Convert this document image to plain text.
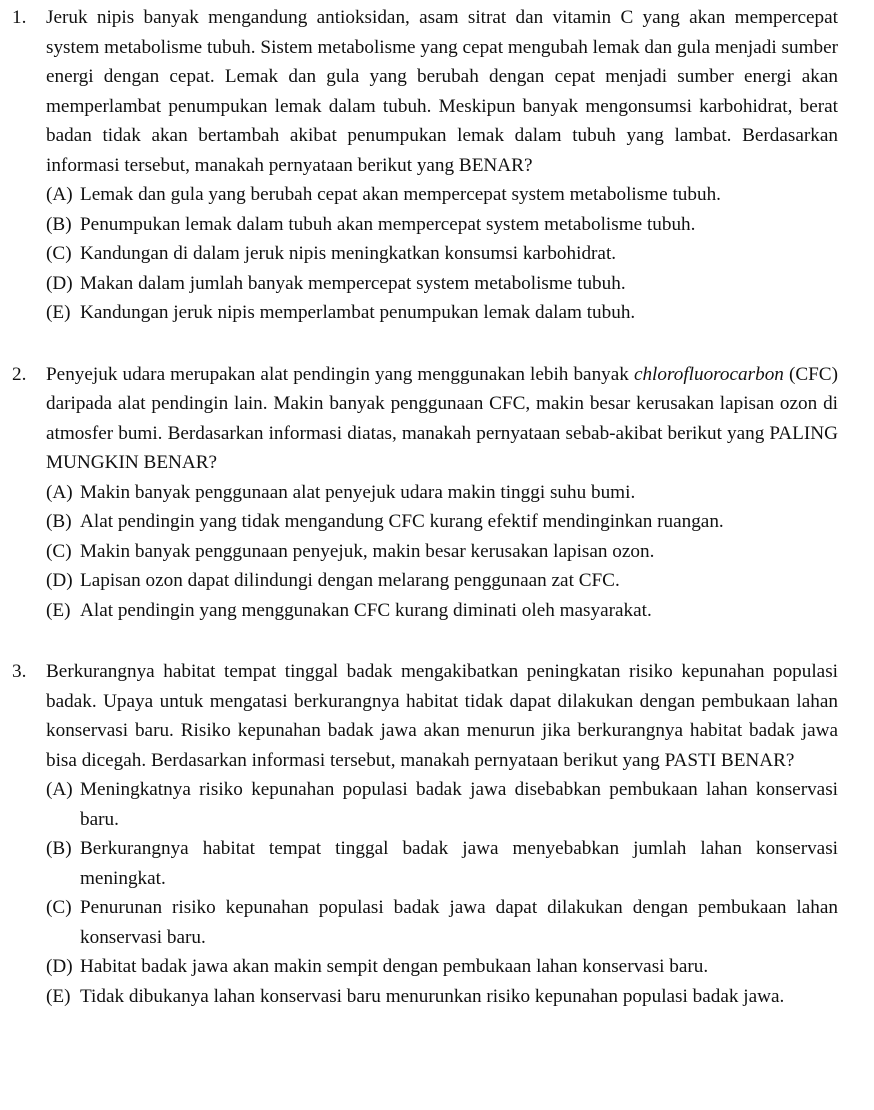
1.	Jeruk nipis banyak mengandung antioksidan, asam sitrat dan vitamin C yang akan mempercepat system metabolisme tubuh. Sistem metabolisme yang cepat mengubah lemak dan gula menjadi sumber energi dengan cepat. Lemak dan gula yang berubah dengan cepat menjadi sumber energi akan memperlambat penumpukan lemak dalam tubuh. Meskipun banyak mengonsumsi karbohidrat, berat badan tidak akan bertambah akibat penumpukan lemak dalam tubuh yang lambat. Berdasarkan informasi tersebut, manakah pernyataan berikut yang BENAR?
(A) Lemak dan gula yang berubah cepat akan mempercepat system metabolisme tubuh.
(B) Penumpukan lemak dalam tubuh akan mempercepat system metabolisme tubuh.
(C) Kandungan di dalam jeruk nipis meningkatkan konsumsi karbohidrat.
(D) Makan dalam jumlah banyak mempercepat system metabolisme tubuh.
(E) Kandungan jeruk nipis memperlambat penumpukan lemak dalam tubuh.
2.	Penyejuk udara merupakan alat pendingin yang menggunakan lebih banyak chlorofluorocarbon (CFC) daripada alat pendingin lain. Makin banyak penggunaan CFC, makin besar kerusakan lapisan ozon di atmosfer bumi. Berdasarkan informasi diatas, manakah pernyataan sebab-akibat berikut yang PALING MUNGKIN BENAR?
(A) Makin banyak penggunaan alat penyejuk udara makin tinggi suhu bumi.
(B) Alat pendingin yang tidak mengandung CFC kurang efektif mendinginkan ruangan.
(C) Makin banyak penggunaan penyejuk, makin besar kerusakan lapisan ozon.
(D) Lapisan ozon dapat dilindungi dengan melarang penggunaan zat CFC.
(E) Alat pendingin yang menggunakan CFC kurang diminati oleh masyarakat.
3.	Berkurangnya habitat tempat tinggal badak mengakibatkan peningkatan risiko kepunahan populasi badak. Upaya untuk mengatasi berkurangnya habitat tidak dapat dilakukan dengan pembukaan lahan konservasi baru. Risiko kepunahan badak jawa akan menurun jika berkurangnya habitat badak jawa bisa dicegah. Berdasarkan informasi tersebut, manakah pernyataan berikut yang PASTI BENAR?
(A) Meningkatnya risiko kepunahan populasi badak jawa disebabkan pembukaan lahan konservasi baru.
(B) Berkurangnya habitat tempat tinggal badak jawa menyebabkan jumlah lahan konservasi meningkat.
(C) Penurunan risiko kepunahan populasi badak jawa dapat dilakukan dengan pembukaan lahan konservasi baru.
(D) Habitat badak jawa akan makin sempit dengan pembukaan lahan konservasi baru.
(E) Tidak dibukanya lahan konservasi baru menurunkan risiko kepunahan populasi badak jawa.
